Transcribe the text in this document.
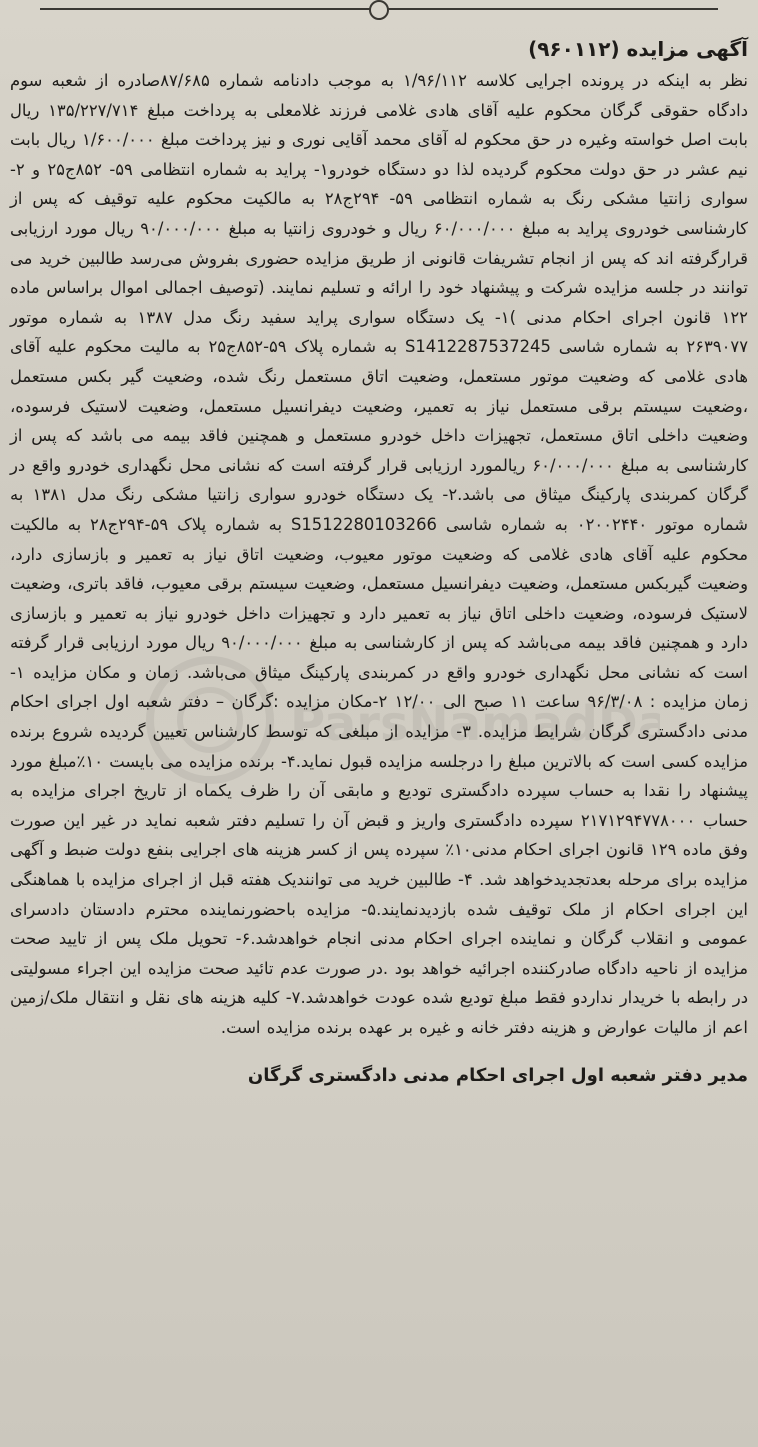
ParsNamadDa
آگهی مزایده (۹۶۰۱۱۲)

نظر به اینکه در پرونده اجرایی کلاسه ۱/۹۶/۱۱۲ به موجب دادنامه شماره ۸۷/۶۸۵صادره از شعبه سوم دادگاه حقوقی گرگان محکوم علیه آقای هادی غلامی فرزند غلامعلی به پرداخت مبلغ ۱۳۵/۲۲۷/۷۱۴ ریال بابت اصل خواسته وغیره در حق محکوم له آقای محمد آقایی نوری و نیز پرداخت مبلغ ۱/۶۰۰/۰۰۰ ریال بابت نیم عشر در حق دولت محکوم گردیده لذا دو دستگاه خودرو۱- پراید به شماره انتظامی ۵۹- ۸۵۲ج۲۵ و ۲- سواری زانتیا مشکی رنگ به شماره انتظامی ۵۹- ۲۹۴ج۲۸ به مالکیت محکوم علیه توقیف که پس از کارشناسی خودروی پراید به مبلغ ۶۰/۰۰۰/۰۰۰ ریال و خودروی زانتیا به مبلغ ۹۰/۰۰۰/۰۰۰ ریال مورد ارزیابی قرارگرفته اند که پس از انجام تشریفات قانونی از طریق مزایده حضوری بفروش می‌رسد طالبین خرید می توانند در جلسه مزایده شرکت و پیشنهاد خود را ارائه و تسلیم نمایند. (توصیف اجمالی اموال براساس ماده ۱۲۲ قانون اجرای احکام مدنی )۱- یک دستگاه سواری پراید سفید رنگ مدل ۱۳۸۷ به شماره موتور ۲۶۳۹۰۷۷ به شماره شاسی S1412287537245 به شماره پلاک ۵۹-۸۵۲ج۲۵ به مالیت محکوم علیه آقای هادی غلامی که وضعیت موتور مستعمل، وضعیت اتاق مستعمل رنگ شده، وضعیت گیر بکس مستعمل ،وضعیت سیستم برقی مستعمل نیاز به تعمیر، وضعیت دیفرانسیل مستعمل، وضعیت لاستیک فرسوده، وضعیت داخلی اتاق مستعمل، تجهیزات داخل خودرو مستعمل و همچنین فاقد بیمه می باشد که پس از کارشناسی به مبلغ ۶۰/۰۰۰/۰۰۰ ریالمورد ارزیابی قرار گرفته است که نشانی محل نگهداری خودرو واقع در گرگان کمربندی پارکینگ میثاق می باشد.۲- یک دستگاه خودرو سواری زانتیا مشکی رنگ مدل ۱۳۸۱ به شماره موتور ۰۲۰۰۲۴۴۰ به شماره شاسی S1512280103266 به شماره پلاک ۵۹-۲۹۴ج۲۸ به مالکیت محکوم علیه آقای هادی غلامی که وضعیت موتور معیوب، وضعیت اتاق نیاز به تعمیر و بازسازی دارد، وضعیت گیربکس مستعمل، وضعیت دیفرانسیل مستعمل، وضعیت سیستم برقی معیوب، فاقد باتری، وضعیت لاستیک فرسوده، وضعیت داخلی اتاق نیاز به تعمیر دارد و تجهیزات داخل خودرو نیاز به تعمیر و بازسازی دارد و همچنین فاقد بیمه می‌باشد که پس از کارشناسی به مبلغ ۹۰/۰۰۰/۰۰۰ ریال مورد ارزیابی قرار گرفته است که نشانی محل نگهداری خودرو واقع در کمربندی پارکینگ میثاق می‌باشد. زمان و مکان مزایده ۱- زمان مزایده : ۹۶/۳/۰۸ ساعت ۱۱ صبح الی ۱۲/۰۰ ۲-مکان مزایده :گرگان – دفتر شعبه اول اجرای احکام مدنی دادگستری گرگان شرایط مزایده. ۳- مزایده از مبلغی که توسط کارشناس تعیین گردیده شروع برنده مزایده کسی است که بالاترین مبلغ را درجلسه مزایده قبول نماید.۴- برنده مزایده می بایست ۱۰٪مبلغ مورد پیشنهاد را نقدا به حساب سپرده دادگستری تودیع و مابقی آن را ظرف یکماه از تاریخ اجرای مزایده به حساب ۲۱۷۱۲۹۴۷۷۸۰۰۰ سپرده دادگستری واریز و قبض آن را تسلیم دفتر شعبه نماید در غیر این صورت وفق ماده ۱۲۹ قانون اجرای احکام مدنی۱۰٪ سپرده پس از کسر هزینه های اجرایی بنفع دولت ضبط و آگهی مزایده برای مرحله بعدتجدیدخواهد شد. ۴- طالبین خرید می توانندیک هفته قبل از اجرای مزایده با هماهنگی این اجرای احکام از ملک توقیف شده بازدیدنمایند.۵- مزایده باحضورنماینده محترم دادستان دادسرای عمومی و انقلاب گرگان و نماینده اجرای احکام مدنی انجام خواهدشد.۶- تحویل ملک پس از تایید صحت مزایده از ناحیه دادگاه صادرکننده اجرائیه خواهد بود .در صورت عدم تائید صحت مزایده این اجراء مسولیتی در رابطه با خریدار نداردو فقط مبلغ تودیع شده عودت خواهدشد.۷- کلیه هزینه های نقل و انتقال ملک/زمین اعم از مالیات عوارض و هزینه دفتر خانه و غیره بر عهده برنده مزایده است.

مدیر دفتر شعبه اول اجرای احکام مدنی دادگستری گرگان
